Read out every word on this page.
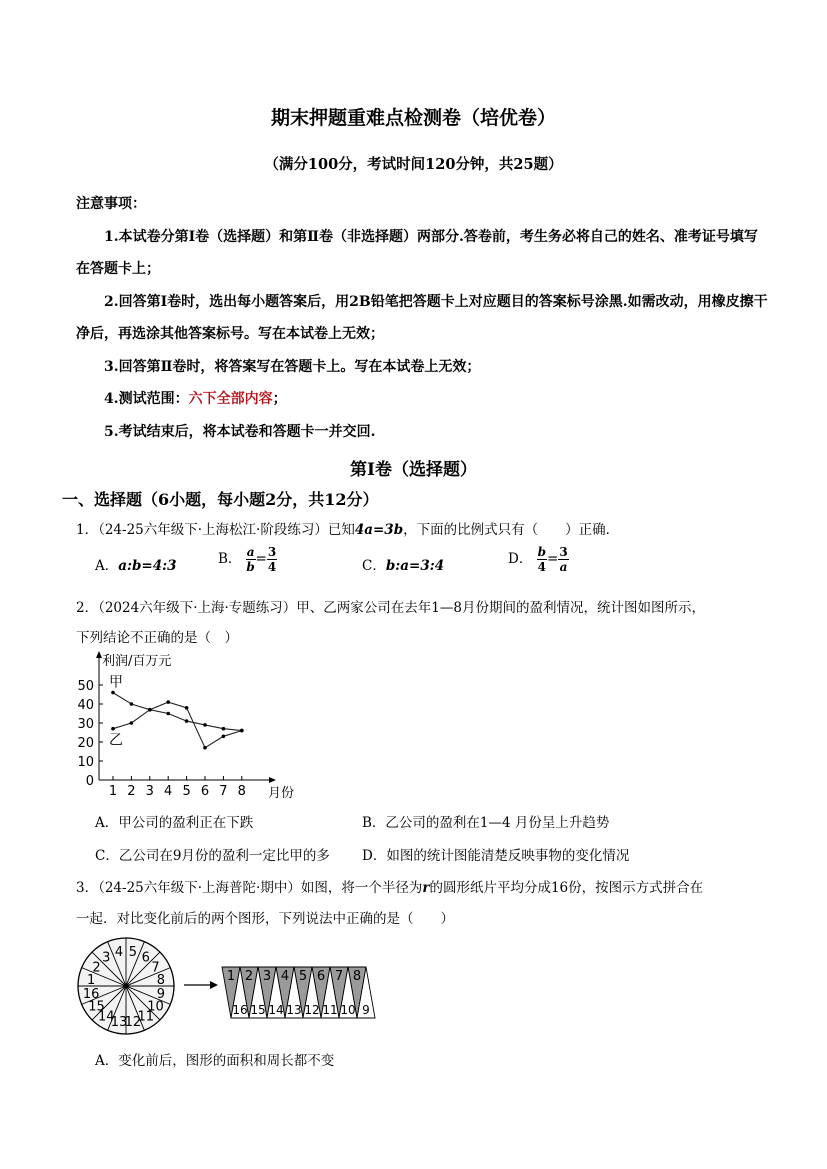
期末押题重难点检测卷（培优卷）
（满分100分，考试时间120分钟，共25题）
注意事项：
1.本试卷分第Ⅰ卷（选择题）和第Ⅱ卷（非选择题）两部分.答卷前，考生务必将自己的姓名、准考证号填写
在答题卡上；
2.回答第Ⅰ卷时，选出每小题答案后，用2B铅笔把答题卡上对应题目的答案标号涂黑.如需改动，用橡皮擦干
净后，再选涂其他答案标号。写在本试卷上无效；
3.回答第Ⅱ卷时，将答案写在答题卡上。写在本试卷上无效；
4.测试范围：六下全部内容；
5.考试结束后，将本试卷和答题卡一并交回.
第Ⅰ卷（选择题）
一、选择题（6小题，每小题2分，共12分）
1．（24-25六年级下·上海松江·阶段练习）已知4a=3b，下面的比例式只有（　　）正确．
A．a:b=4:3	B． $\frac{a}{b} = \frac{3}{4}$	C．b:a=3:4	D． $\frac{b}{4} = \frac{3}{a}$
2．（2024六年级下·上海·专题练习）甲、乙两家公司在去年1—8月份期间的盈利情况，统计图如图所示，
下列结论不正确的是（　）
0
10
20
30
40
50
1 2 3 4 5 6 7 8
甲
乙
利润/百万元
月份
A．甲公司的盈利正在下跌	B．乙公司的盈利在1—4 月份呈上升趋势
C．乙公司在9月份的盈利一定比甲的多 D．如图的统计图能清楚反映事物的变化情况
3．（24-25六年级下·上海普陀·期中）如图，将一个半径为r的圆形纸片平均分成16份，按图示方式拼合在
一起．对比变化前后的两个图形，下列说法中正确的是（　　）
1
2
3 4 5 6
7
8
9
10
11
12
13
14
15
16
1 2 3 4 5 6 7 8
16 15 14 13 12 11 10 9
A．变化前后，图形的面积和周长都不变
